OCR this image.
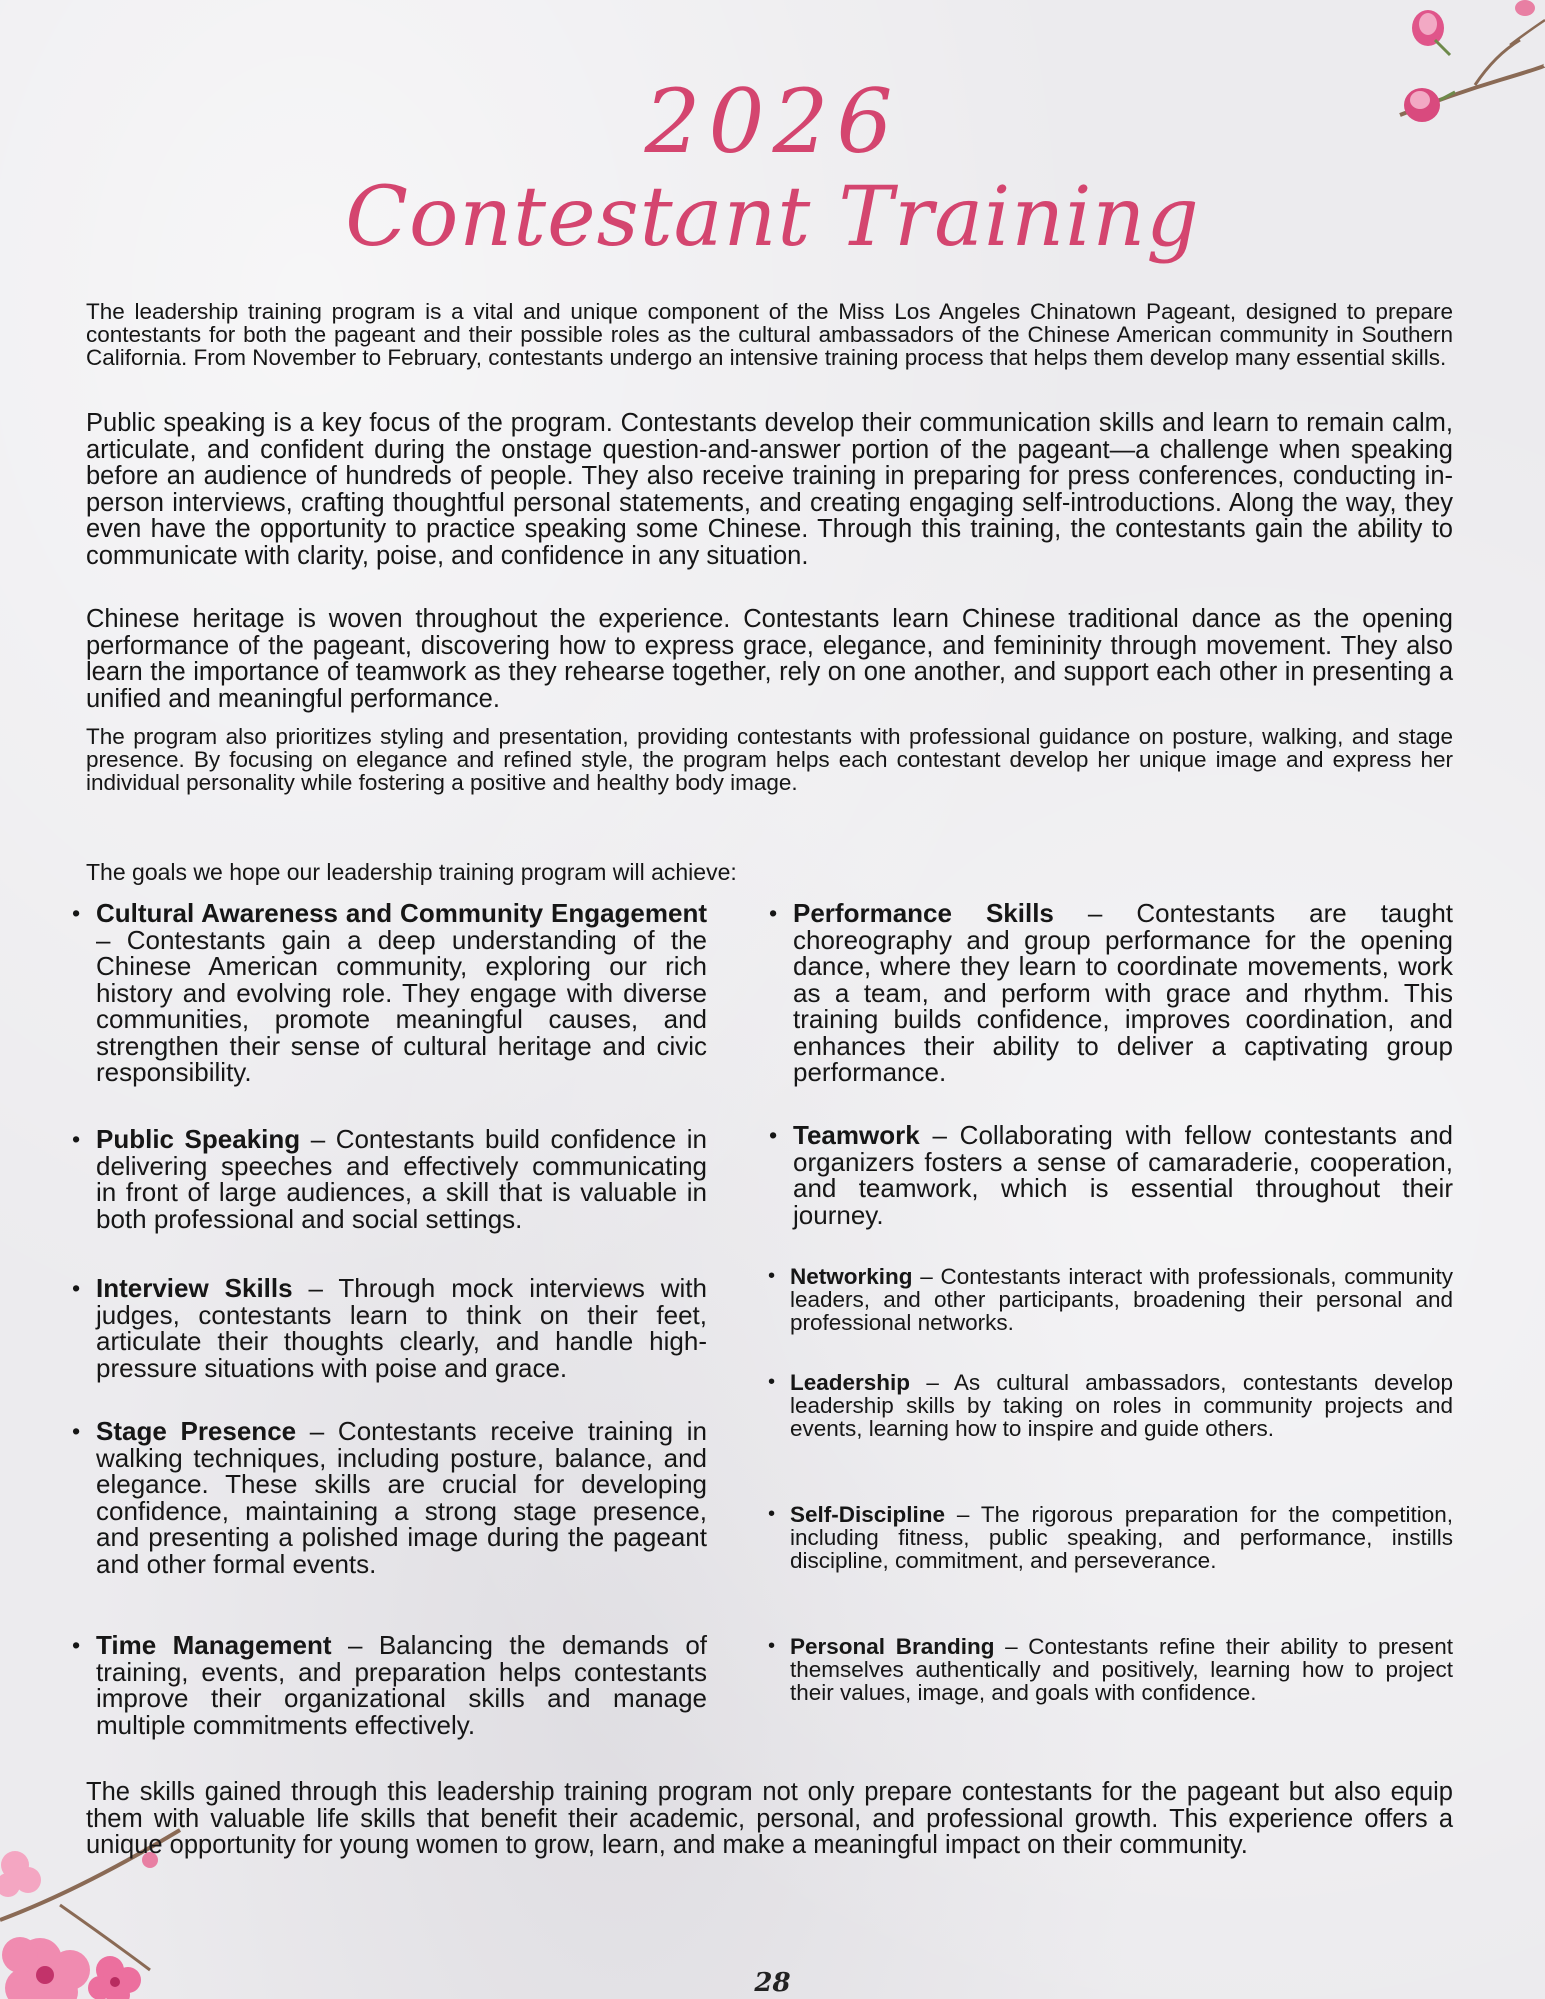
2026
Contestant Training

The leadership training program is a vital and unique component of the Miss Los Angeles Chinatown Pageant, designed to prepare contestants for both the pageant and their possible roles as the cultural ambassadors of the Chinese American community in Southern California. From November to February, contestants undergo an intensive training process that helps them develop many essential skills.

Public speaking is a key focus of the program. Contestants develop their communication skills and learn to remain calm, articulate, and confident during the onstage question-and-answer portion of the pageant—a challenge when speaking before an audience of hundreds of people. They also receive training in preparing for press conferences, conducting in-person interviews, crafting thoughtful personal statements, and creating engaging self-introductions. Along the way, they even have the opportunity to practice speaking some Chinese. Through this training, the contestants gain the ability to communicate with clarity, poise, and confidence in any situation.

Chinese heritage is woven throughout the experience. Contestants learn Chinese traditional dance as the opening performance of the pageant, discovering how to express grace, elegance, and femininity through movement. They also learn the importance of teamwork as they rehearse together, rely on one another, and support each other in presenting a unified and meaningful performance.

The program also prioritizes styling and presentation, providing contestants with professional guidance on posture, walking, and stage presence. By focusing on elegance and refined style, the program helps each contestant develop her unique image and express her individual personality while fostering a positive and healthy body image.

The goals we hope our leadership training program will achieve:

• Cultural Awareness and Community Engagement – Contestants gain a deep understanding of the Chinese American community, exploring our rich history and evolving role. They engage with diverse communities, promote meaningful causes, and strengthen their sense of cultural heritage and civic responsibility.
• Public Speaking – Contestants build confidence in delivering speeches and effectively communicating in front of large audiences, a skill that is valuable in both professional and social settings.
• Interview Skills – Through mock interviews with judges, contestants learn to think on their feet, articulate their thoughts clearly, and handle high-pressure situations with poise and grace.
• Stage Presence – Contestants receive training in walking techniques, including posture, balance, and elegance. These skills are crucial for developing confidence, maintaining a strong stage presence, and presenting a polished image during the pageant and other formal events.
• Time Management – Balancing the demands of training, events, and preparation helps contestants improve their organizational skills and manage multiple commitments effectively.
• Performance Skills – Contestants are taught choreography and group performance for the opening dance, where they learn to coordinate movements, work as a team, and perform with grace and rhythm. This training builds confidence, improves coordination, and enhances their ability to deliver a captivating group performance.
• Teamwork – Collaborating with fellow contestants and organizers fosters a sense of camaraderie, cooperation, and teamwork, which is essential throughout their journey.
• Networking – Contestants interact with professionals, community leaders, and other participants, broadening their personal and professional networks.
• Leadership – As cultural ambassadors, contestants develop leadership skills by taking on roles in community projects and events, learning how to inspire and guide others.
• Self-Discipline – The rigorous preparation for the competition, including fitness, public speaking, and performance, instills discipline, commitment, and perseverance.
• Personal Branding – Contestants refine their ability to present themselves authentically and positively, learning how to project their values, image, and goals with confidence.

The skills gained through this leadership training program not only prepare contestants for the pageant but also equip them with valuable life skills that benefit their academic, personal, and professional growth. This experience offers a unique opportunity for young women to grow, learn, and make a meaningful impact on their community.

28
